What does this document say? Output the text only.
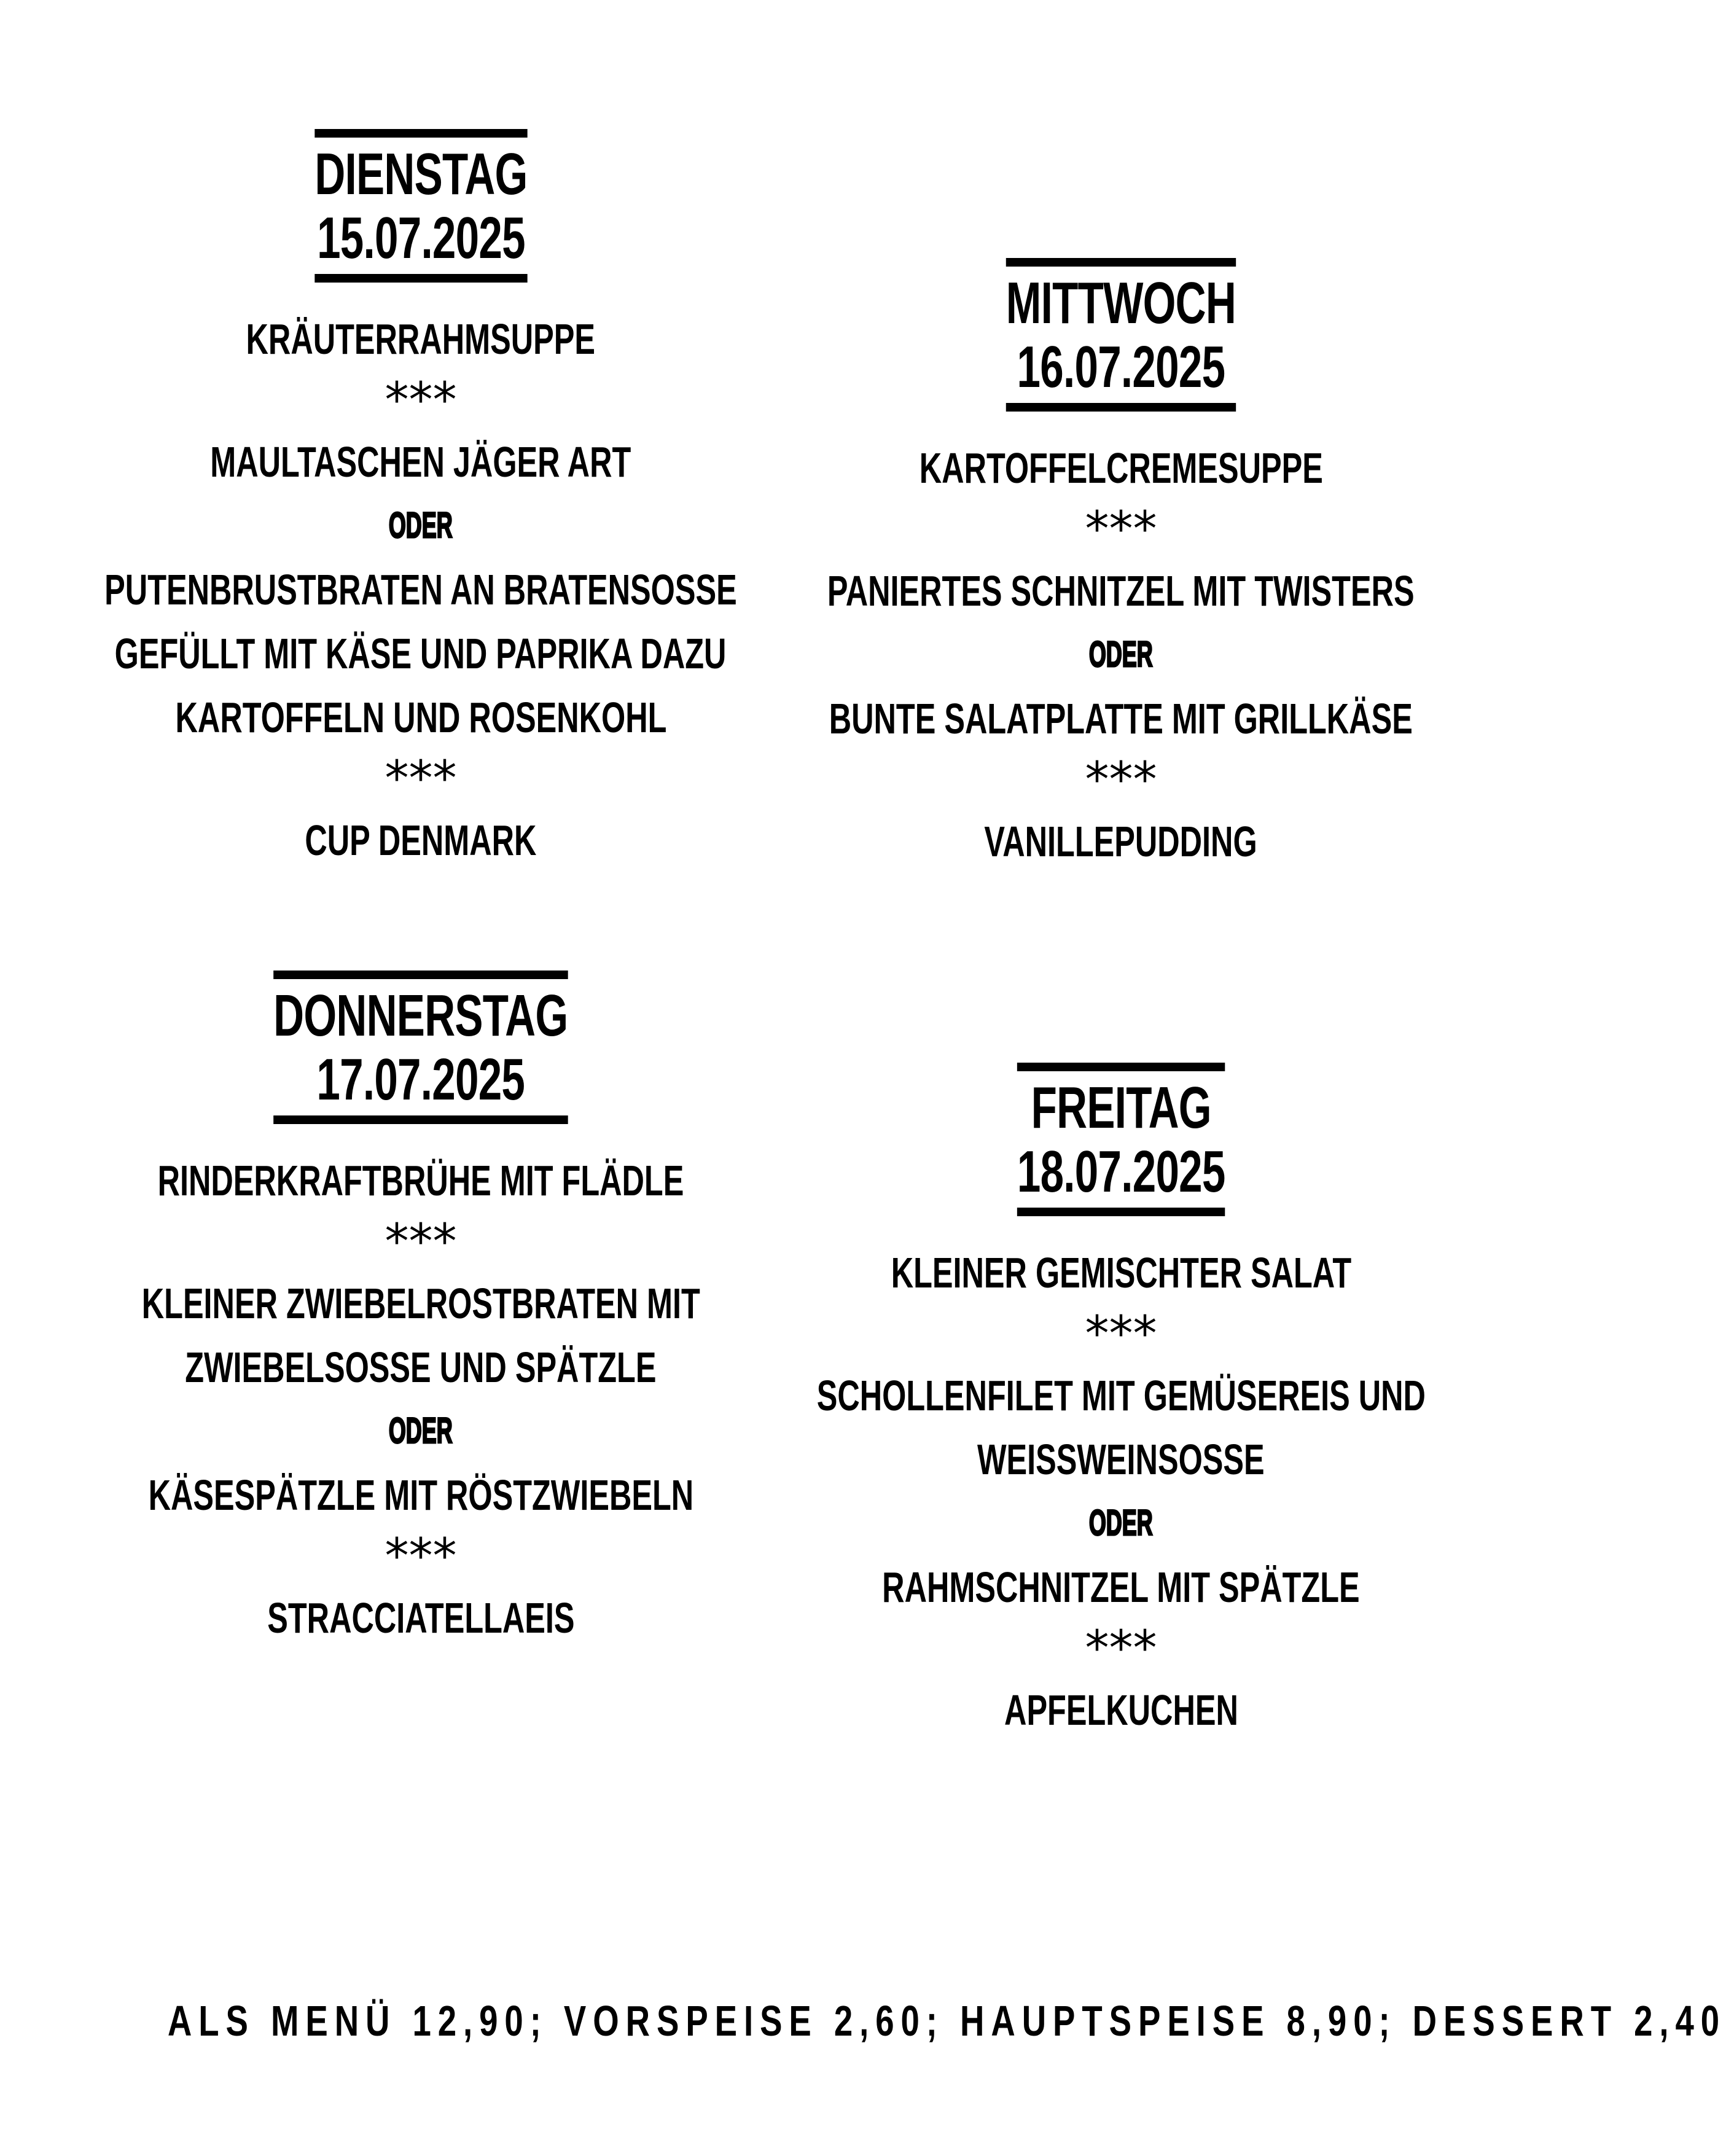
DIENSTAG
15.07.2025
KRÄUTERRAHMSUPPE
***
MAULTASCHEN JÄGER ART
ODER
PUTENBRUSTBRATEN AN BRATENSOSSE
GEFÜLLT MIT KÄSE UND PAPRIKA DAZU
KARTOFFELN UND ROSENKOHL
***
CUP DENMARK
MITTWOCH
16.07.2025
KARTOFFELCREMESUPPE
***
PANIERTES SCHNITZEL MIT TWISTERS
ODER
BUNTE SALATPLATTE MIT GRILLKÄSE
***
VANILLEPUDDING
DONNERSTAG
17.07.2025
RINDERKRAFTBRÜHE MIT FLÄDLE
***
KLEINER ZWIEBELROSTBRATEN MIT
ZWIEBELSOSSE UND SPÄTZLE
ODER
KÄSESPÄTZLE MIT RÖSTZWIEBELN
***
STRACCIATELLAEIS
FREITAG
18.07.2025
KLEINER GEMISCHTER SALAT
***
SCHOLLENFILET MIT GEMÜSEREIS UND
WEISSWEINSOSSE
ODER
RAHMSCHNITZEL MIT SPÄTZLE
***
APFELKUCHEN
ALS MENÜ 12,90; VORSPEISE 2,60; HAUPTSPEISE 8,90; DESSERT 2,40
